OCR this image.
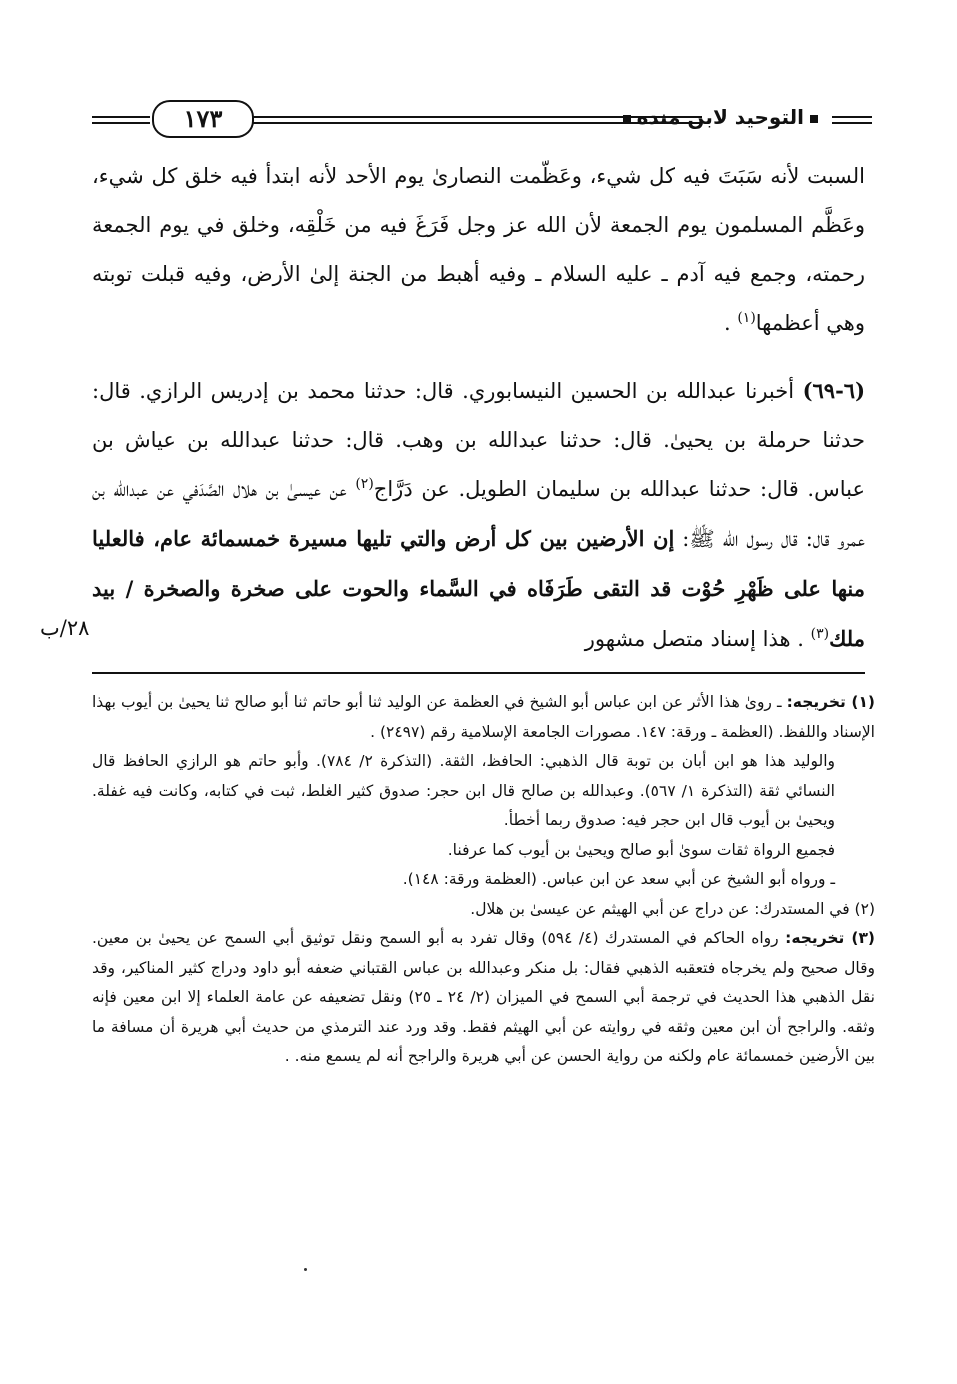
١٧٣	التوحيد لابن منده

السبت لأنه سَبَتَ فيه كل شيء، وعَظّمت النصارىٰ يوم الأحد لأنه ابتدأ فيه خلق كل شيء، وعَظَّم المسلمون يوم الجمعة لأن الله عز وجل فَرَغَ فيه من خَلْقِه، وخلق في يوم الجمعة رحمته، وجمع فيه آدم ـ عليه السلام ـ وفيه أهبط من الجنة إلىٰ الأرض، وفيه قبلت توبته وهي أعظمها$^{(١)}$ .

(٦-٦٩) أخبرنا عبدالله بن الحسين النيسابوري. قال: حدثنا محمد بن إدريس الرازي. قال: حدثنا حرملة بن يحيىٰ. قال: حدثنا عبدالله بن وهب. قال: حدثنا عبدالله بن عياش بن عباس. قال: حدثنا عبدالله بن سليمان الطويل. عن دَرَّاج$^{(٢)}$ عن عيسىٰ بن هلال الصَّدَفي عن عبدالله بن عمرو قال: قال رسول الله ﷺ: إن الأرضين بين كل أرض والتي تليها مسيرة خمسمائة عام، فالعليا منها على ظَهْرِ حُوْت قد التقى طَرَفَاه في السَّماء والحوت على صخرة والصخرة / بيد ملك$^{(٣)}$ . هذا إسناد متصل مشهور

٢٨/ب

(١) تخريجه: ـ روىٰ هذا الأثر عن ابن عباس أبو الشيخ في العظمة عن الوليد ثنا أبو حاتم ثنا أبو صالح ثنا يحيىٰ بن أيوب بهذا الإسناد واللفظ. (العظمة ـ ورقة: ١٤٧. مصورات الجامعة الإسلامية رقم (٢٤٩٧) .

والوليد هذا هو ابن أبان بن توبة قال الذهبي: الحافظ، الثقة. (التذكرة ٢/ ٧٨٤). وأبو حاتم هو الرازي الحافظ قال النسائي ثقة (التذكرة ١/ ٥٦٧). وعبدالله بن صالح قال ابن حجر: صدوق كثير الغلط، ثبت في كتابه، وكانت فيه غفلة. ويحيىٰ بن أيوب قال ابن حجر فيه: صدوق ربما أخطأ.

فجميع الرواة ثقات سوىٰ أبو صالح ويحيىٰ بن أيوب كما عرفنا.

ـ ورواه أبو الشيخ عن أبي سعد عن ابن عباس. (العظمة ورقة: ١٤٨).

(٢) في المستدرك: عن دراج عن أبي الهيثم عن عيسىٰ بن هلال.

(٣) تخريجه: رواه الحاكم في المستدرك (٤/ ٥٩٤) وقال تفرد به أبو السمح ونقل توثيق أبي السمح عن يحيىٰ بن معين. وقال صحيح ولم يخرجاه فتعقبه الذهبي فقال: بل منكر وعبدالله بن عباس القتباني ضعفه أبو داود ودراج كثير المناكير، وقد نقل الذهبي هذا الحديث في ترجمة أبي السمح في الميزان (٢/ ٢٤ ـ ٢٥) ونقل تضعيفه عن عامة العلماء إلا ابن معين فإنه وثقه. والراجح أن ابن معين وثقه في روايته عن أبي الهيثم فقط. وقد ورد عند الترمذي من حديث أبي هريرة أن مسافة ما بين الأرضين خمسمائة عام ولكنه من رواية الحسن عن أبي هريرة والراجح أنه لم يسمع منه. .
